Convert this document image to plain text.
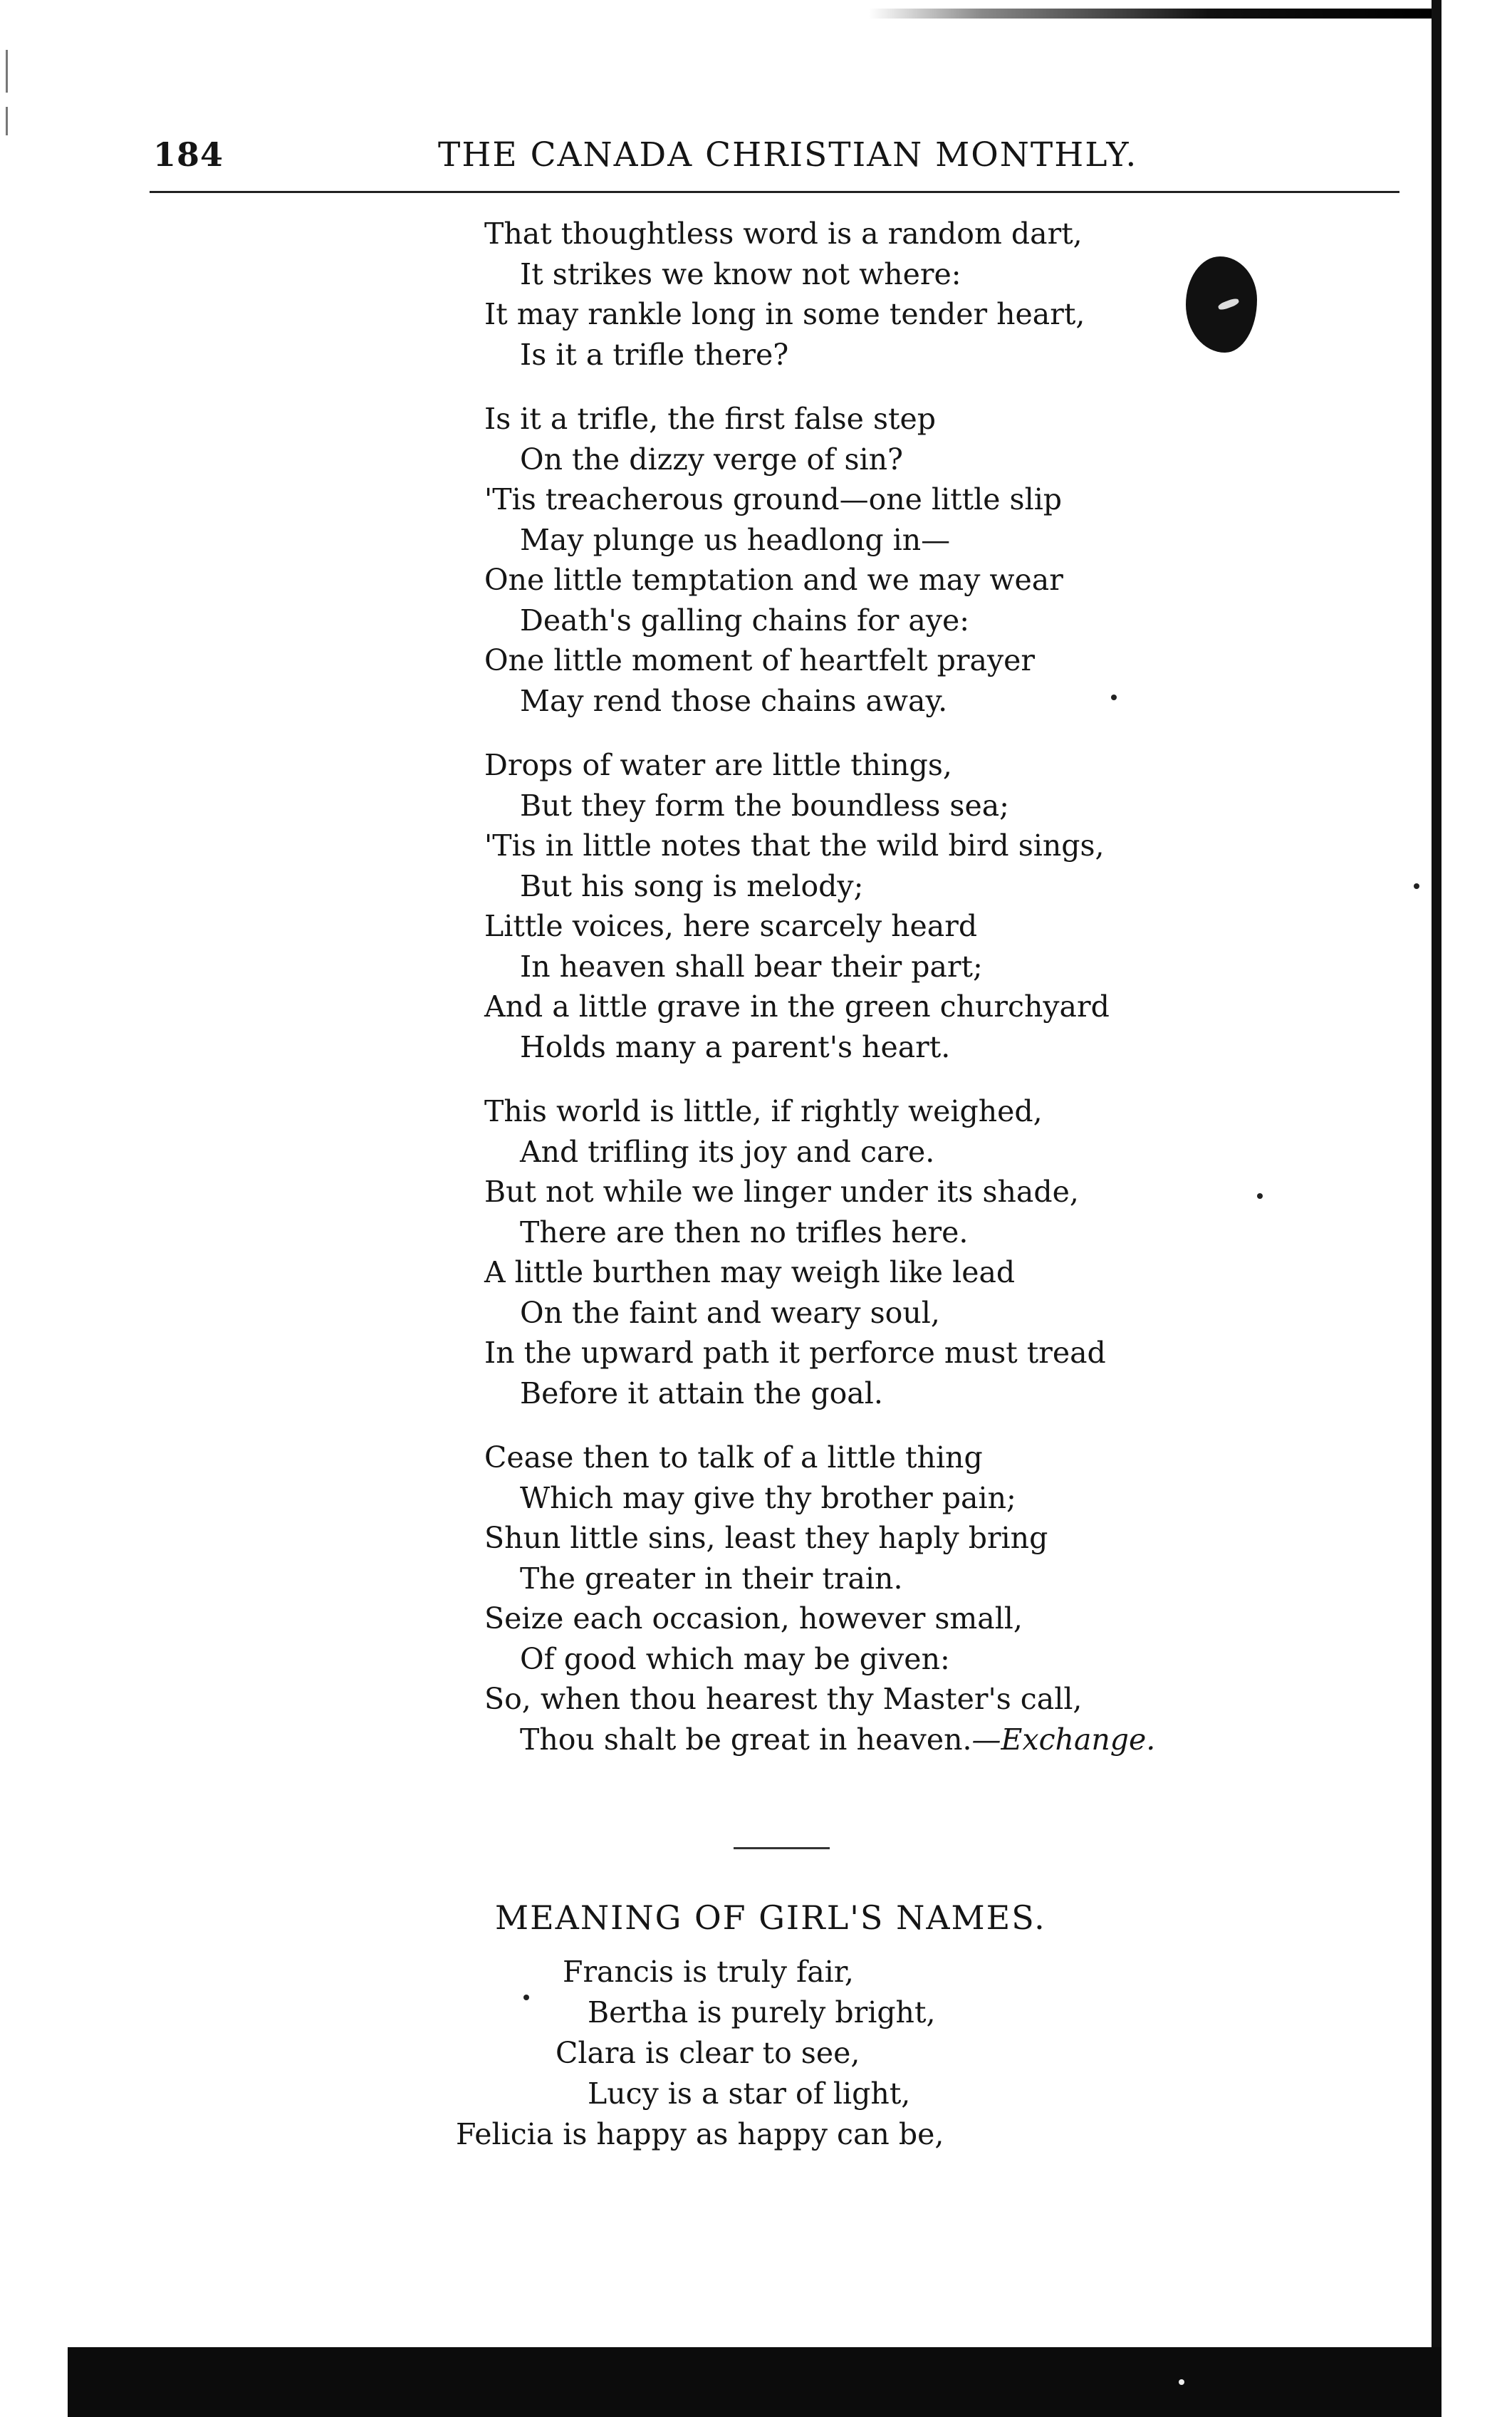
184	THE CANADA CHRISTIAN MONTHLY.
That thoughtless word is a random dart,
It strikes we know not where:
It may rankle long in some tender heart,
Is it a trifle there?
Is it a trifle, the first false step
On the dizzy verge of sin?
'Tis treacherous ground—one little slip
May plunge us headlong in—
One little temptation and we may wear
Death's galling chains for aye:
One little moment of heartfelt prayer
May rend those chains away.
Drops of water are little things,
But they form the boundless sea;
'Tis in little notes that the wild bird sings,
But his song is melody;
Little voices, here scarcely heard
In heaven shall bear their part;
And a little grave in the green churchyard
Holds many a parent's heart.
This world is little, if rightly weighed,
And trifling its joy and care.
But not while we linger under its shade,
There are then no trifles here.
A little burthen may weigh like lead
On the faint and weary soul,
In the upward path it perforce must tread
Before it attain the goal.
Cease then to talk of a little thing
Which may give thy brother pain;
Shun little sins, least they haply bring
The greater in their train.
Seize each occasion, however small,
Of good which may be given:
So, when thou hearest thy Master's call,
Thou shalt be great in heaven.—Exchange.
MEANING OF GIRL'S NAMES.
Francis is truly fair,
Bertha is purely bright,
Clara is clear to see,
Lucy is a star of light,
Felicia is happy as happy can be,
